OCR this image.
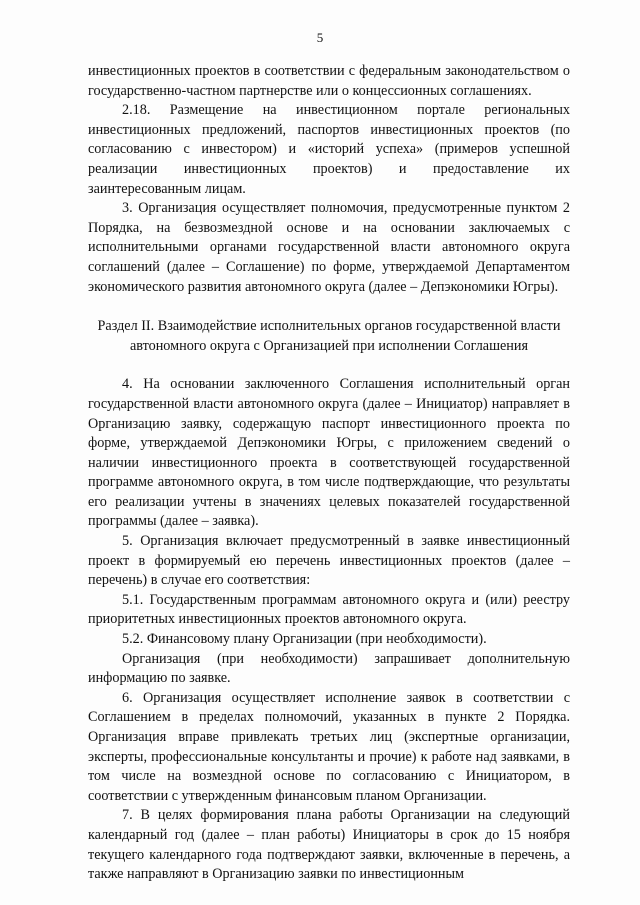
5

инвестиционных проектов в соответствии с федеральным законодательством о государственно-частном партнерстве или о концессионных соглашениях.

2.18. Размещение на инвестиционном портале региональных инвестиционных предложений, паспортов инвестиционных проектов (по согласованию с инвестором) и «историй успеха» (примеров успешной реализации инвестиционных проектов) и предоставление их заинтересованным лицам.

3. Организация осуществляет полномочия, предусмотренные пунктом 2 Порядка, на безвозмездной основе и на основании заключаемых с исполнительными органами государственной власти автономного округа соглашений (далее – Соглашение) по форме, утверждаемой Департаментом экономического развития автономного округа (далее – Депэкономики Югры).

Раздел II. Взаимодействие исполнительных органов государственной власти автономного округа с Организацией при исполнении Соглашения

4. На основании заключенного Соглашения исполнительный орган государственной власти автономного округа (далее – Инициатор) направляет в Организацию заявку, содержащую паспорт инвестиционного проекта по форме, утверждаемой Депэкономики Югры, с приложением сведений о наличии инвестиционного проекта в соответствующей государственной программе автономного округа, в том числе подтверждающие, что результаты его реализации учтены в значениях целевых показателей государственной программы (далее – заявка).

5. Организация включает предусмотренный в заявке инвестиционный проект в формируемый ею перечень инвестиционных проектов (далее – перечень) в случае его соответствия:

5.1. Государственным программам автономного округа и (или) реестру приоритетных инвестиционных проектов автономного округа.

5.2. Финансовому плану Организации (при необходимости).

Организация (при необходимости) запрашивает дополнительную информацию по заявке.

6. Организация осуществляет исполнение заявок в соответствии с Соглашением в пределах полномочий, указанных в пункте 2 Порядка. Организация вправе привлекать третьих лиц (экспертные организации, эксперты, профессиональные консультанты и прочие) к работе над заявками, в том числе на возмездной основе по согласованию с Инициатором, в соответствии с утвержденным финансовым планом Организации.

7. В целях формирования плана работы Организации на следующий календарный год (далее – план работы) Инициаторы в срок до 15 ноября текущего календарного года подтверждают заявки, включенные в перечень, а также направляют в Организацию заявки по инвестиционным
